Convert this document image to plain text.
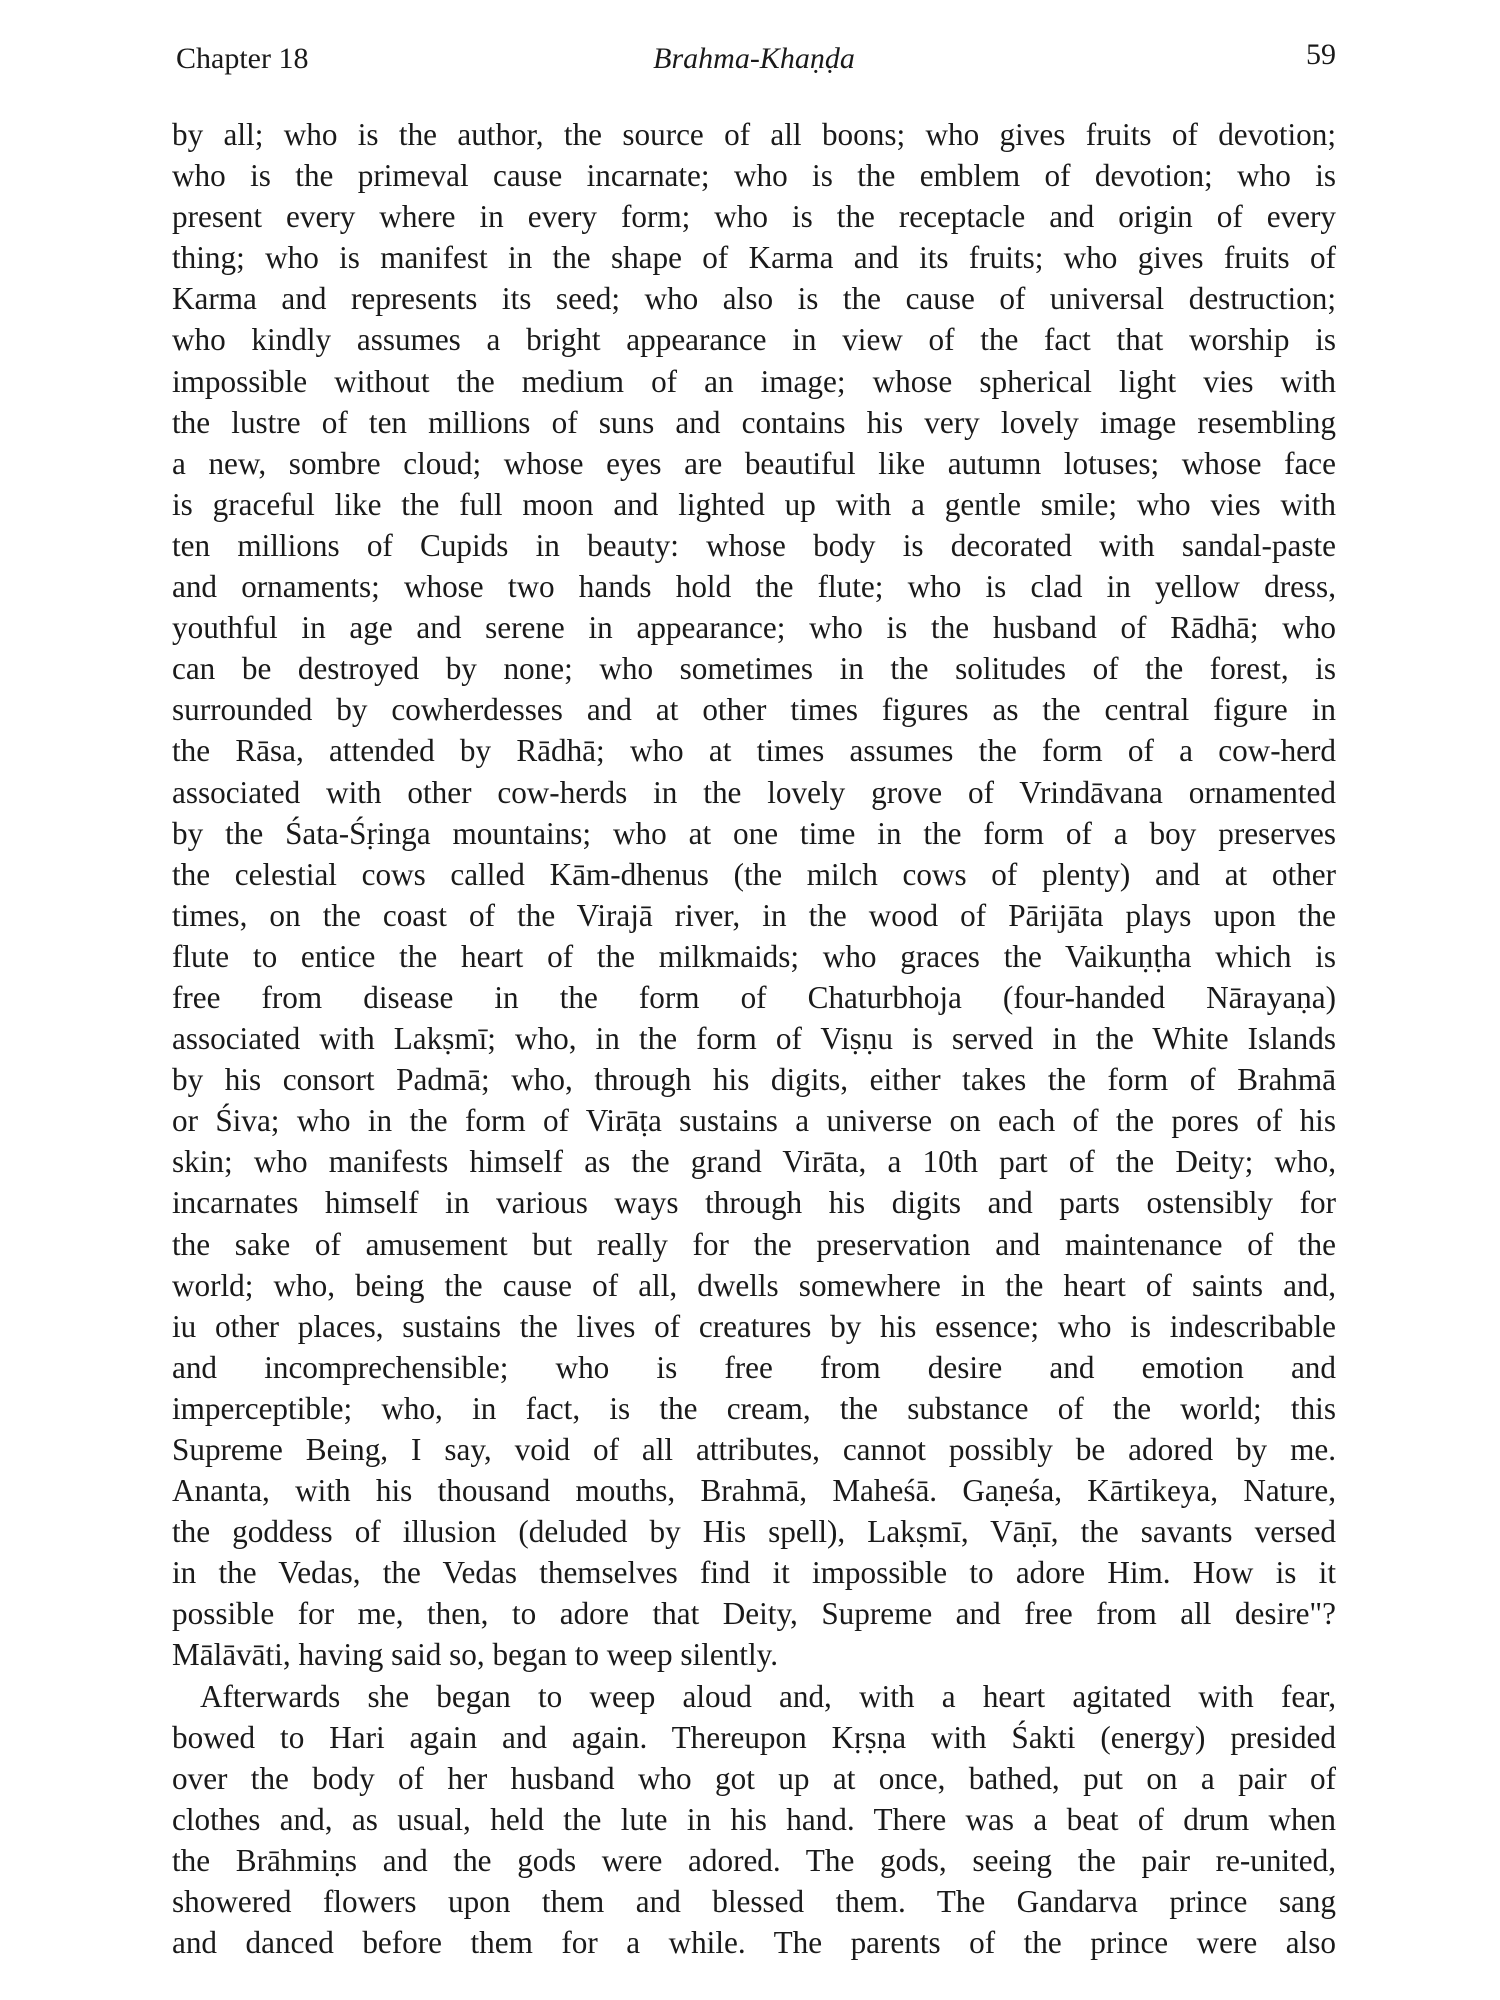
Chapter 18	Brahma-Khaṇḍa	59
by all; who is the author, the source of all boons; who gives fruits of devotion;
who is the primeval cause incarnate; who is the emblem of devotion; who is
present every where in every form; who is the receptacle and origin of every
thing; who is manifest in the shape of Karma and its fruits; who gives fruits of
Karma and represents its seed; who also is the cause of universal destruction;
who kindly assumes a bright appearance in view of the fact that worship is
impossible without the medium of an image; whose spherical light vies with
the lustre of ten millions of suns and contains his very lovely image resembling
a new, sombre cloud; whose eyes are beautiful like autumn lotuses; whose face
is graceful like the full moon and lighted up with a gentle smile; who vies with
ten millions of Cupids in beauty: whose body is decorated with sandal-paste
and ornaments; whose two hands hold the flute; who is clad in yellow dress,
youthful in age and serene in appearance; who is the husband of Rādhā; who
can be destroyed by none; who sometimes in the solitudes of the forest, is
surrounded by cowherdesses and at other times figures as the central figure in
the Rāsa, attended by Rādhā; who at times assumes the form of a cow-herd
associated with other cow-herds in the lovely grove of Vrindāvana ornamented
by the Śata-Śṛinga mountains; who at one time in the form of a boy preserves
the celestial cows called Kām-dhenus (the milch cows of plenty) and at other
times, on the coast of the Virajā river, in the wood of Pārijāta plays upon the
flute to entice the heart of the milkmaids; who graces the Vaikuṇṭha which is
free from disease in the form of Chaturbhoja (four-handed Nārayaṇa)
associated with Lakṣmī; who, in the form of Viṣṇu is served in the White Islands
by his consort Padmā; who, through his digits, either takes the form of Brahmā
or Śiva; who in the form of Virāṭa sustains a universe on each of the pores of his
skin; who manifests himself as the grand Virāta, a 10th part of the Deity; who,
incarnates himself in various ways through his digits and parts ostensibly for
the sake of amusement but really for the preservation and maintenance of the
world; who, being the cause of all, dwells somewhere in the heart of saints and,
iu other places, sustains the lives of creatures by his essence; who is indescribable
and incomprechensible; who is free from desire and emotion and
imperceptible; who, in fact, is the cream, the substance of the world; this
Supreme Being, I say, void of all attributes, cannot possibly be adored by me.
Ananta, with his thousand mouths, Brahmā, Maheśā. Gaṇeśa, Kārtikeya, Nature,
the goddess of illusion (deluded by His spell), Lakṣmī, Vāṇī, the savants versed
in the Vedas, the Vedas themselves find it impossible to adore Him. How is it
possible for me, then, to adore that Deity, Supreme and free from all desire"?
Mālāvāti, having said so, began to weep silently.
Afterwards she began to weep aloud and, with a heart agitated with fear,
bowed to Hari again and again. Thereupon Kṛṣṇa with Śakti (energy) presided
over the body of her husband who got up at once, bathed, put on a pair of
clothes and, as usual, held the lute in his hand. There was a beat of drum when
the Brāhmiṇs and the gods were adored. The gods, seeing the pair re-united,
showered flowers upon them and blessed them. The Gandarva prince sang
and danced before them for a while. The parents of the prince were also
